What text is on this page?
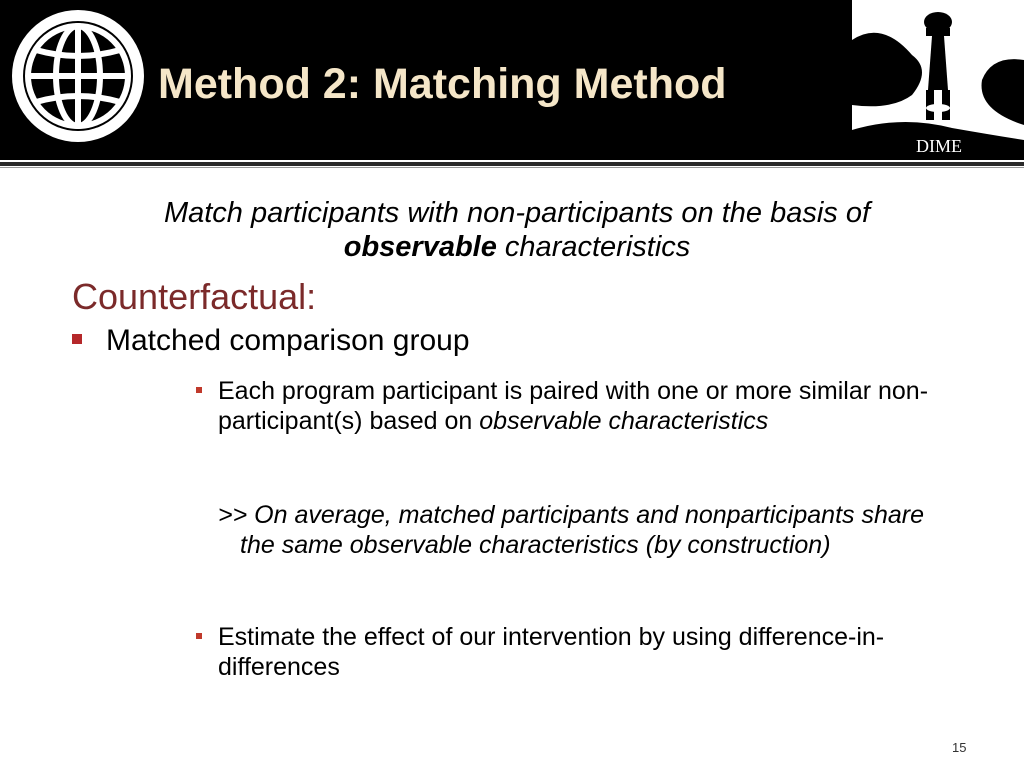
Method 2: Matching Method
DIME
Match participants with non-participants on the basis of
observable characteristics
Counterfactual:
Matched comparison group
Each program participant is paired with one or more similar non-participant(s) based on observable characteristics
>> On average, matched participants and nonparticipants share the same observable characteristics (by construction)
Estimate the effect of our intervention by using difference-in-differences
15
